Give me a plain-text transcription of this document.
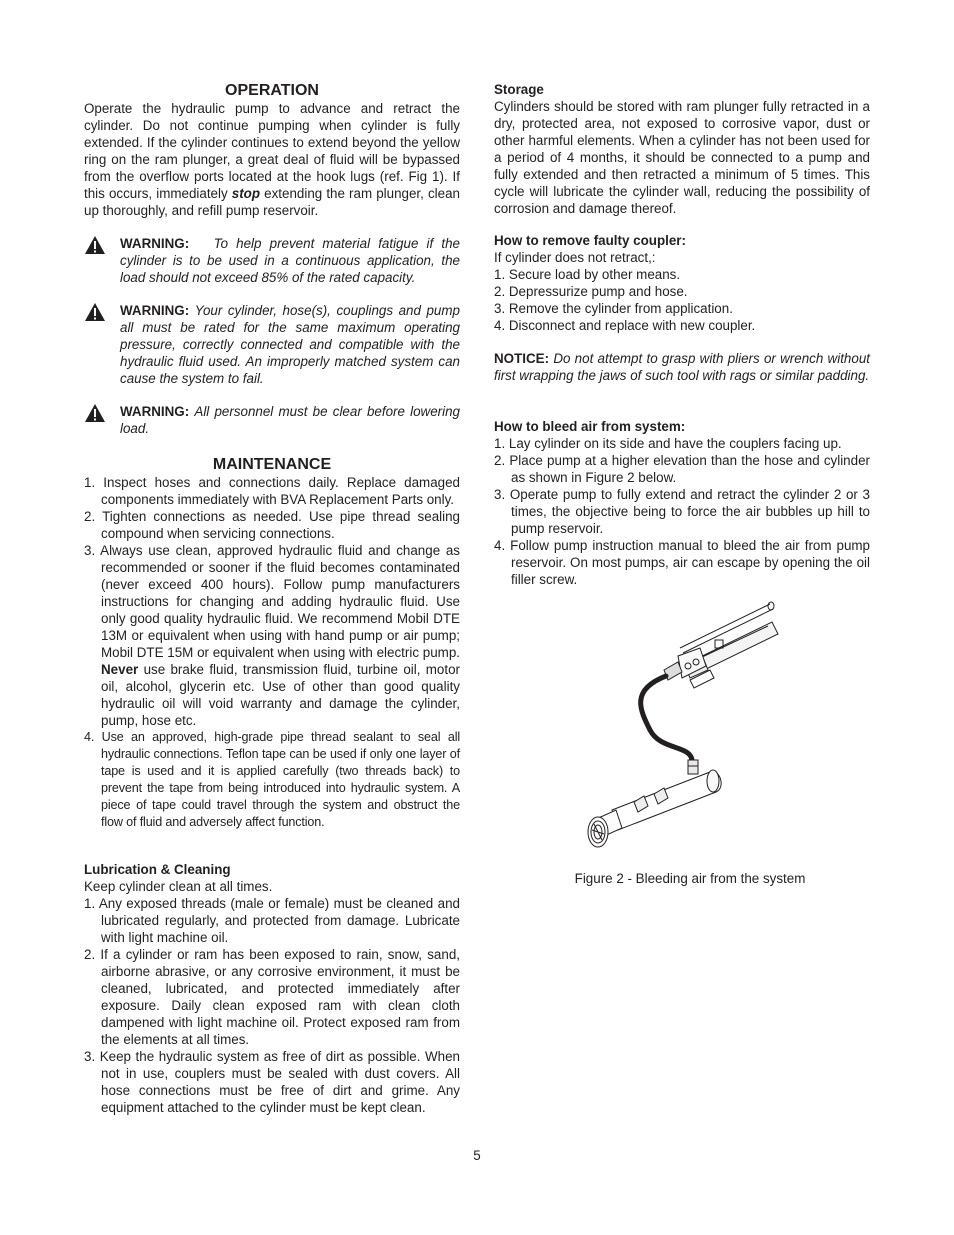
OPERATION

Operate the hydraulic pump to advance and retract the cylinder. Do not continue pumping when cylinder is fully extended. If the cylinder continues to extend beyond the yellow ring on the ram plunger, a great deal of fluid will be bypassed from the overflow ports located at the hook lugs (ref. Fig 1). If this occurs, immediately stop extending the ram plunger, clean up thoroughly, and refill pump reservoir.

WARNING: To help prevent material fatigue if the cylinder is to be used in a continuous application, the load should not exceed 85% of the rated capacity.

WARNING: Your cylinder, hose(s), couplings and pump all must be rated for the same maximum operating pressure, correctly connected and compatible with the hydraulic fluid used. An improperly matched system can cause the system to fail.

WARNING: All personnel must be clear before lowering load.

MAINTENANCE
1. Inspect hoses and connections daily. Replace damaged components immediately with BVA Replacement Parts only.
2. Tighten connections as needed. Use pipe thread sealing compound when servicing connections.
3. Always use clean, approved hydraulic fluid and change as recommended or sooner if the fluid becomes contaminated (never exceed 400 hours). Follow pump manufacturers instructions for changing and adding hydraulic fluid. Use only good quality hydraulic fluid. We recommend Mobil DTE 13M or equivalent when using with hand pump or air pump; Mobil DTE 15M or equivalent when using with electric pump. Never use brake fluid, transmission fluid, turbine oil, motor oil, alcohol, glycerin etc. Use of other than good quality hydraulic oil will void warranty and damage the cylinder, pump, hose etc.
4. Use an approved, high-grade pipe thread sealant to seal all hydraulic connections. Teflon tape can be used if only one layer of tape is used and it is applied carefully (two threads back) to prevent the tape from being introduced into hydraulic system. A piece of tape could travel through the system and obstruct the flow of fluid and adversely affect function.
Lubrication & Cleaning

Keep cylinder clean at all times.

1. Any exposed threads (male or female) must be cleaned and lubricated regularly, and protected from damage. Lubricate with light machine oil.
2. If a cylinder or ram has been exposed to rain, snow, sand, airborne abrasive, or any corrosive environment, it must be cleaned, lubricated, and protected immediately after exposure. Daily clean exposed ram with clean cloth dampened with light machine oil. Protect exposed ram from the elements at all times.
3. Keep the hydraulic system as free of dirt as possible. When not in use, couplers must be sealed with dust covers. All hose connections must be free of dirt and grime. Any equipment attached to the cylinder must be kept clean.
Storage

Cylinders should be stored with ram plunger fully retracted in a dry, protected area, not exposed to corrosive vapor, dust or other harmful elements. When a cylinder has not been used for a period of 4 months, it should be connected to a pump and fully extended and then retracted a minimum of 5 times. This cycle will lubricate the cylinder wall, reducing the possibility of corrosion and damage thereof.

How to remove faulty coupler:

If cylinder does not retract,:

1. Secure load by other means.
2. Depressurize pump and hose.
3. Remove the cylinder from application.
4. Disconnect and replace with new coupler.

NOTICE: Do not attempt to grasp with pliers or wrench without first wrapping the jaws of such tool with rags or similar padding.

How to bleed air from system:
1. Lay cylinder on its side and have the couplers facing up.
2. Place pump at a higher elevation than the hose and cylinder as shown in Figure 2 below.
3. Operate pump to fully extend and retract the cylinder 2 or 3 times, the objective being to force the air bubbles up hill to pump reservoir.
4. Follow pump instruction manual to bleed the air from pump reservoir. On most pumps, air can escape by opening the oil filler screw.
Figure 2 - Bleeding air from the system
5
